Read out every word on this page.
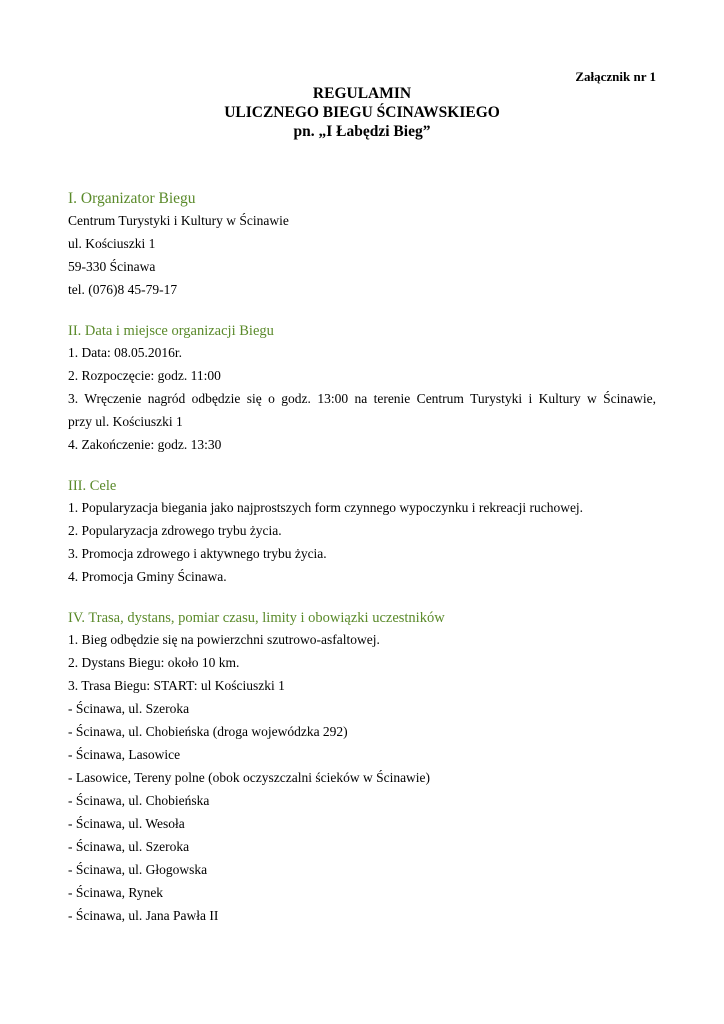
Załącznik nr 1
REGULAMIN
ULICZNEGO BIEGU ŚCINAWSKIEGO
pn. „I Łabędzi Bieg”
I. Organizator Biegu
Centrum Turystyki i Kultury w Ścinawie
ul. Kościuszki 1
59-330 Ścinawa
tel. (076)8 45-79-17
II. Data i miejsce organizacji Biegu
1. Data: 08.05.2016r.
2. Rozpoczęcie: godz. 11:00
3. Wręczenie nagród odbędzie się o godz. 13:00 na terenie Centrum Turystyki i Kultury w Ścinawie,
przy ul. Kościuszki 1
4. Zakończenie: godz. 13:30
III. Cele
1. Popularyzacja biegania jako najprostszych form czynnego wypoczynku i rekreacji ruchowej.
2. Popularyzacja zdrowego trybu życia.
3. Promocja zdrowego i aktywnego trybu życia.
4. Promocja Gminy Ścinawa.
IV. Trasa, dystans, pomiar czasu, limity i obowiązki uczestników
1. Bieg odbędzie się na powierzchni szutrowo-asfaltowej.
2. Dystans Biegu: około 10 km.
3. Trasa Biegu: START: ul Kościuszki 1
- Ścinawa, ul. Szeroka
- Ścinawa, ul. Chobieńska (droga wojewódzka 292)
- Ścinawa, Lasowice
- Lasowice, Tereny polne (obok oczyszczalni ścieków w Ścinawie)
- Ścinawa, ul. Chobieńska
- Ścinawa, ul. Wesoła
- Ścinawa, ul. Szeroka
- Ścinawa, ul. Głogowska
- Ścinawa, Rynek
- Ścinawa, ul. Jana Pawła II
